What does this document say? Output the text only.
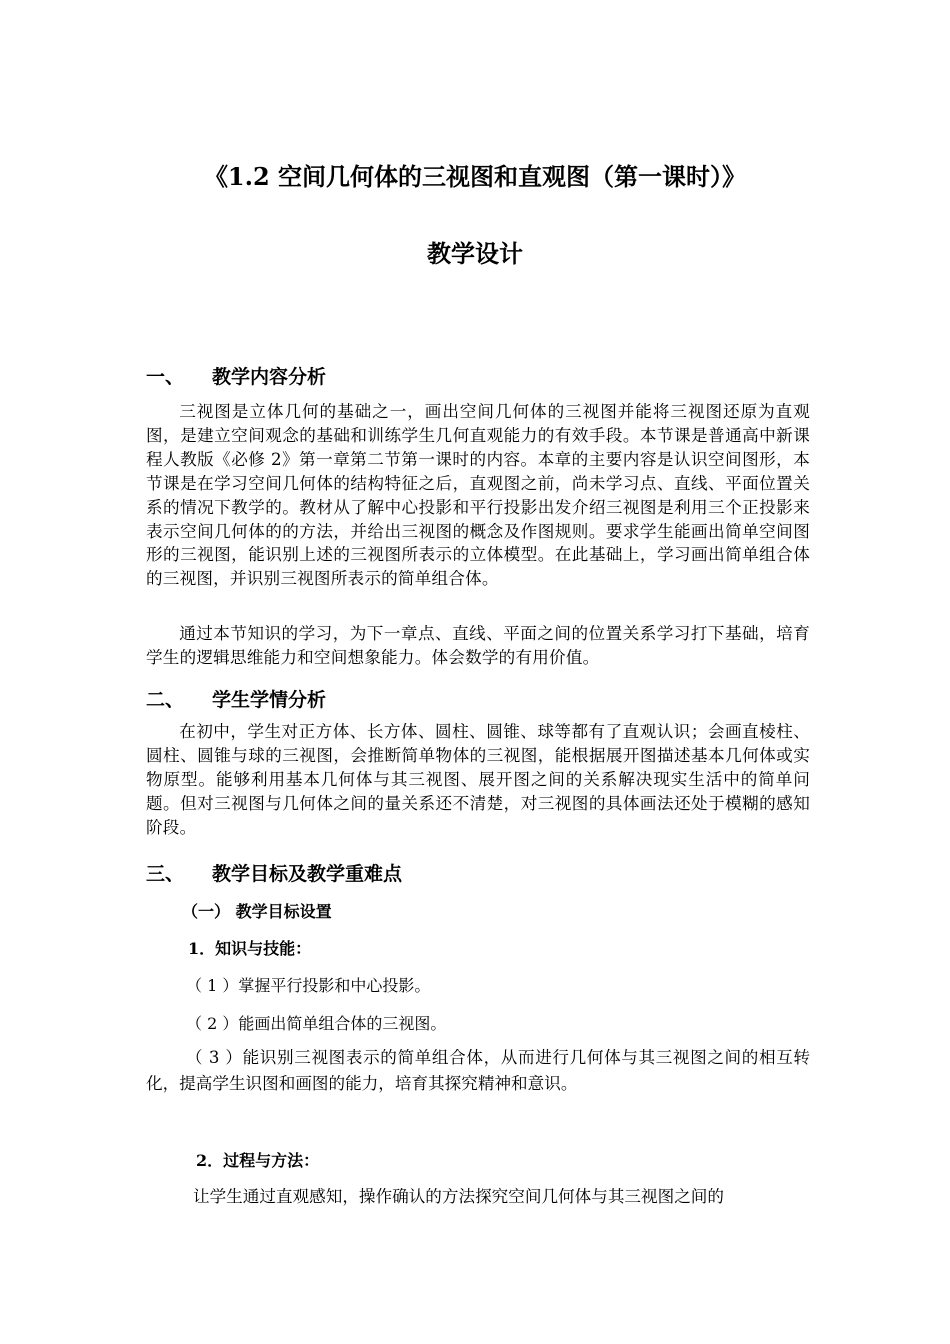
《1.2 空间几何体的三视图和直观图（第一课时）》
教学设计
一、 教学内容分析

三视图是立体几何的基础之一，画出空间几何体的三视图并能将三视图还原为直观图，是建立空间观念的基础和训练学生几何直观能力的有效手段。本节课是普通高中新课程人教版《必修 2》第一章第二节第一课时的内容。本章的主要内容是认识空间图形，本节课是在学习空间几何体的结构特征之后，直观图之前，尚未学习点、直线、平面位置关系的情况下教学的。教材从了解中心投影和平行投影出发介绍三视图是利用三个正投影来表示空间几何体的的方法，并给出三视图的概念及作图规则。要求学生能画出简单空间图形的三视图，能识别上述的三视图所表示的立体模型。在此基础上，学习画出简单组合体的三视图，并识别三视图所表示的简单组合体。

通过本节知识的学习，为下一章点、直线、平面之间的位置关系学习打下基础，培育学生的逻辑思维能力和空间想象能力。体会数学的有用价值。

二、 学生学情分析

在初中，学生对正方体、长方体、圆柱、圆锥、球等都有了直观认识；会画直棱柱、圆柱、圆锥与球的三视图，会推断简单物体的三视图，能根据展开图描述基本几何体或实物原型。能够利用基本几何体与其三视图、展开图之间的关系解决现实生活中的简单问题。但对三视图与几何体之间的量关系还不清楚，对三视图的具体画法还处于模糊的感知阶段。

三、 教学目标及教学重难点
（一） 教学目标设置
1．知识与技能：
（ 1 ）掌握平行投影和中心投影。
（ 2 ）能画出简单组合体的三视图。

（ 3 ）能识别三视图表示的简单组合体，从而进行几何体与其三视图之间的相互转化，提高学生识图和画图的能力，培育其探究精神和意识。

2．过程与方法：
让学生通过直观感知，操作确认的方法探究空间几何体与其三视图之间的
